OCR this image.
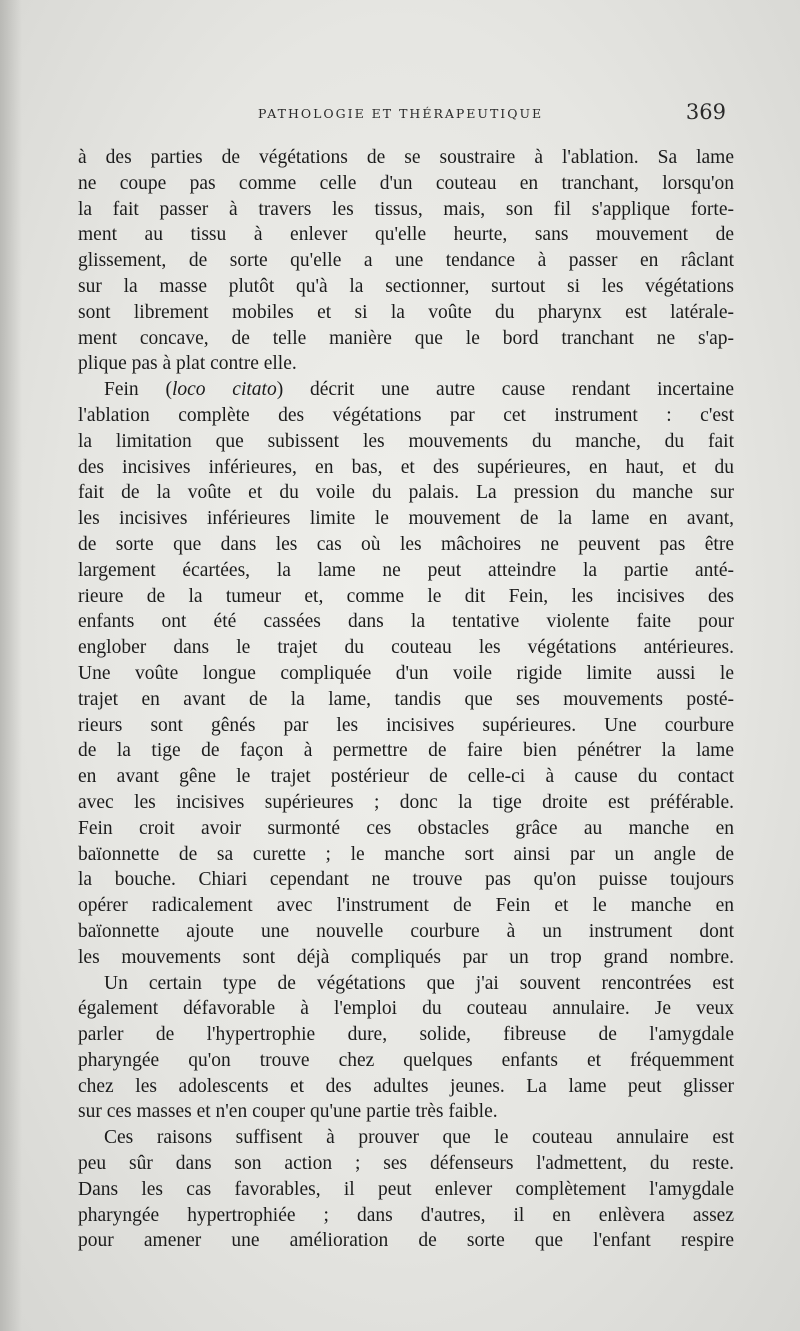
PATHOLOGIE ET THÉRAPEUTIQUE	369
à des parties de végétations de se soustraire à l'ablation. Sa lame
ne coupe pas comme celle d'un couteau en tranchant, lorsqu'on
la fait passer à travers les tissus, mais, son fil s'applique forte-
ment au tissu à enlever qu'elle heurte, sans mouvement de
glissement, de sorte qu'elle a une tendance à passer en râclant
sur la masse plutôt qu'à la sectionner, surtout si les végétations
sont librement mobiles et si la voûte du pharynx est latérale-
ment concave, de telle manière que le bord tranchant ne s'ap-
plique pas à plat contre elle.
Fein (loco citato) décrit une autre cause rendant incertaine
l'ablation complète des végétations par cet instrument : c'est
la limitation que subissent les mouvements du manche, du fait
des incisives inférieures, en bas, et des supérieures, en haut, et du
fait de la voûte et du voile du palais. La pression du manche sur
les incisives inférieures limite le mouvement de la lame en avant,
de sorte que dans les cas où les mâchoires ne peuvent pas être
largement écartées, la lame ne peut atteindre la partie anté-
rieure de la tumeur et, comme le dit Fein, les incisives des
enfants ont été cassées dans la tentative violente faite pour
englober dans le trajet du couteau les végétations antérieures.
Une voûte longue compliquée d'un voile rigide limite aussi le
trajet en avant de la lame, tandis que ses mouvements posté-
rieurs sont gênés par les incisives supérieures. Une courbure
de la tige de façon à permettre de faire bien pénétrer la lame
en avant gêne le trajet postérieur de celle-ci à cause du contact
avec les incisives supérieures ; donc la tige droite est préférable.
Fein croit avoir surmonté ces obstacles grâce au manche en
baïonnette de sa curette ; le manche sort ainsi par un angle de
la bouche. Chiari cependant ne trouve pas qu'on puisse toujours
opérer radicalement avec l'instrument de Fein et le manche en
baïonnette ajoute une nouvelle courbure à un instrument dont
les mouvements sont déjà compliqués par un trop grand nombre.
Un certain type de végétations que j'ai souvent rencontrées est
également défavorable à l'emploi du couteau annulaire. Je veux
parler de l'hypertrophie dure, solide, fibreuse de l'amygdale
pharyngée qu'on trouve chez quelques enfants et fréquemment
chez les adolescents et des adultes jeunes. La lame peut glisser
sur ces masses et n'en couper qu'une partie très faible.
Ces raisons suffisent à prouver que le couteau annulaire est
peu sûr dans son action ; ses défenseurs l'admettent, du reste.
Dans les cas favorables, il peut enlever complètement l'amygdale
pharyngée hypertrophiée ; dans d'autres, il en enlèvera assez
pour amener une amélioration de sorte que l'enfant respire
